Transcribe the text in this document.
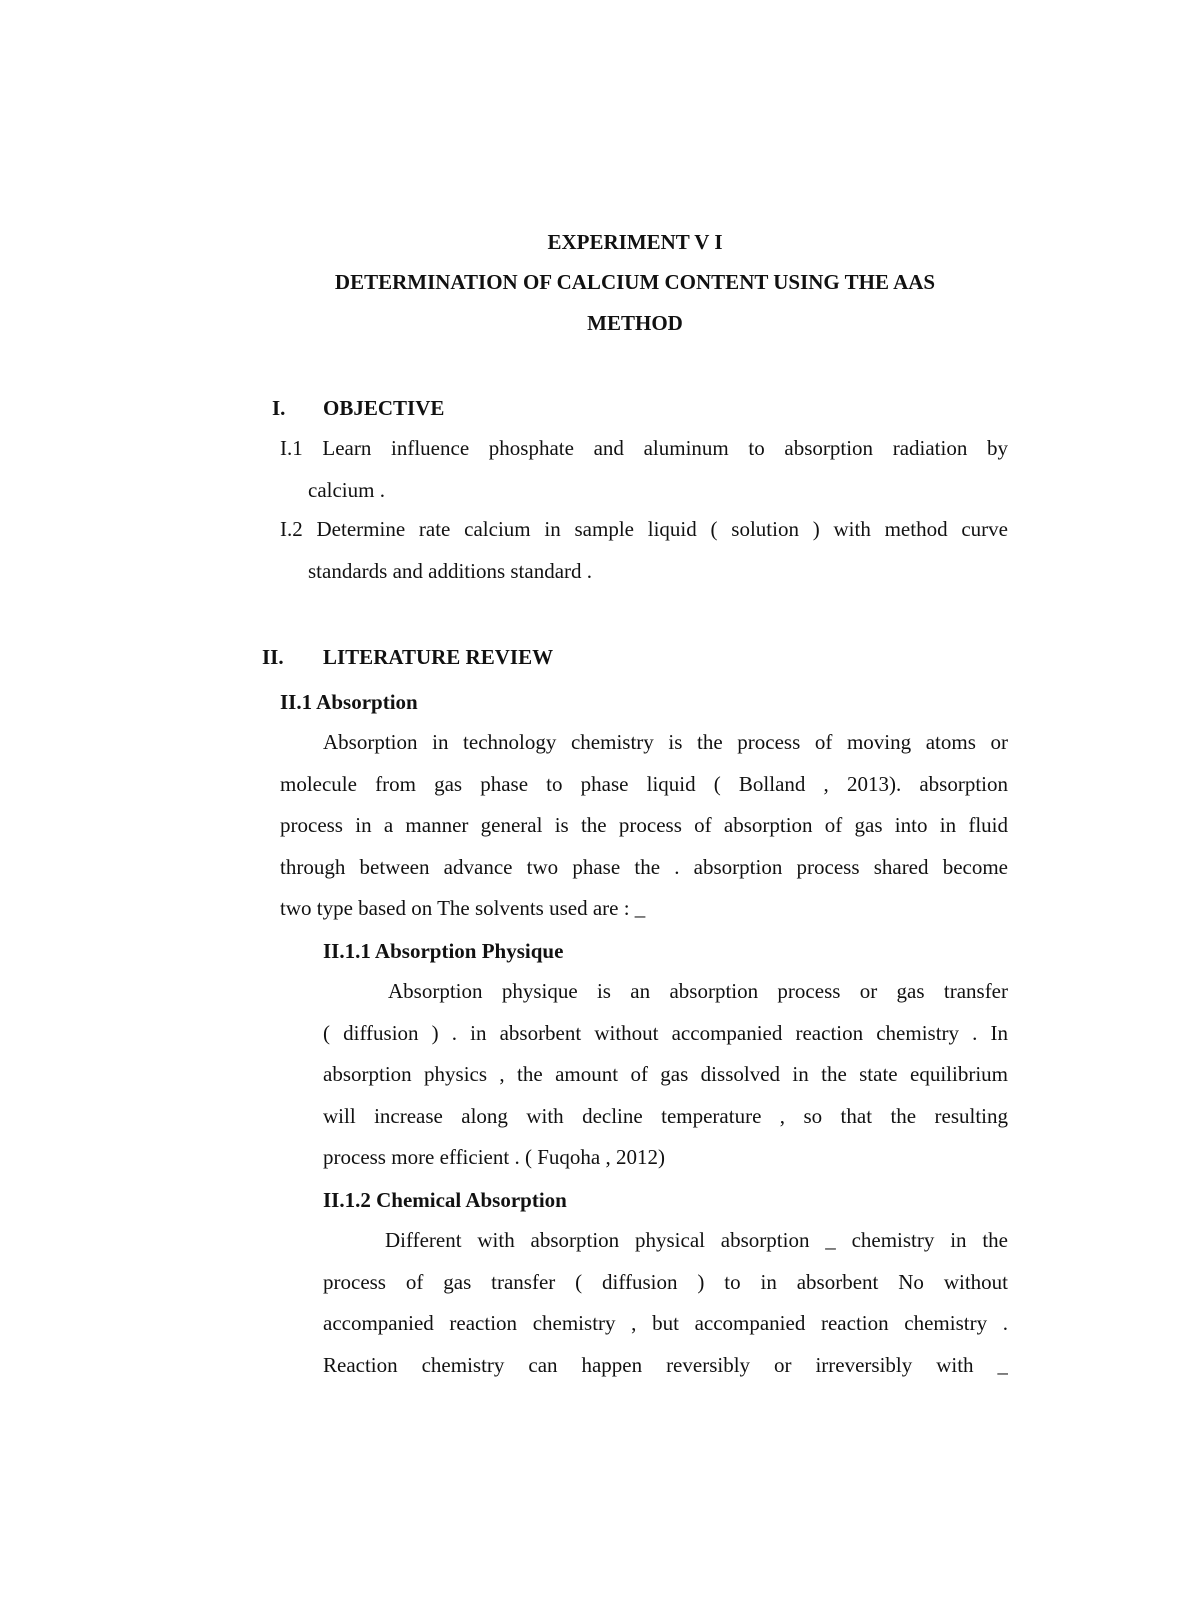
EXPERIMENT V I
DETERMINATION OF CALCIUM CONTENT USING THE AAS
METHOD
I. OBJECTIVE
I.1 Learn influence phosphate and aluminum to absorption radiation by
calcium .
I.2 Determine rate calcium in sample liquid ( solution ) with method curve
standards and additions standard .
II. LITERATURE REVIEW
II.1 Absorption
Absorption in technology chemistry is the process of moving atoms or
molecule from gas phase to phase liquid ( Bolland , 2013). absorption
process in a manner general is the process of absorption of gas into in fluid
through between advance two phase the . absorption process shared become
two type based on The solvents used are : _
II.1.1 Absorption Physique
Absorption physique is an absorption process or gas transfer
( diffusion ) . in absorbent without accompanied reaction chemistry . In
absorption physics , the amount of gas dissolved in the state equilibrium
will increase along with decline temperature , so that the resulting
process more efficient . ( Fuqoha , 2012)
II.1.2 Chemical Absorption
Different with absorption physical absorption _ chemistry in the
process of gas transfer ( diffusion ) to in absorbent No without
accompanied reaction chemistry , but accompanied reaction chemistry .
Reaction chemistry can happen reversibly or irreversibly with _
